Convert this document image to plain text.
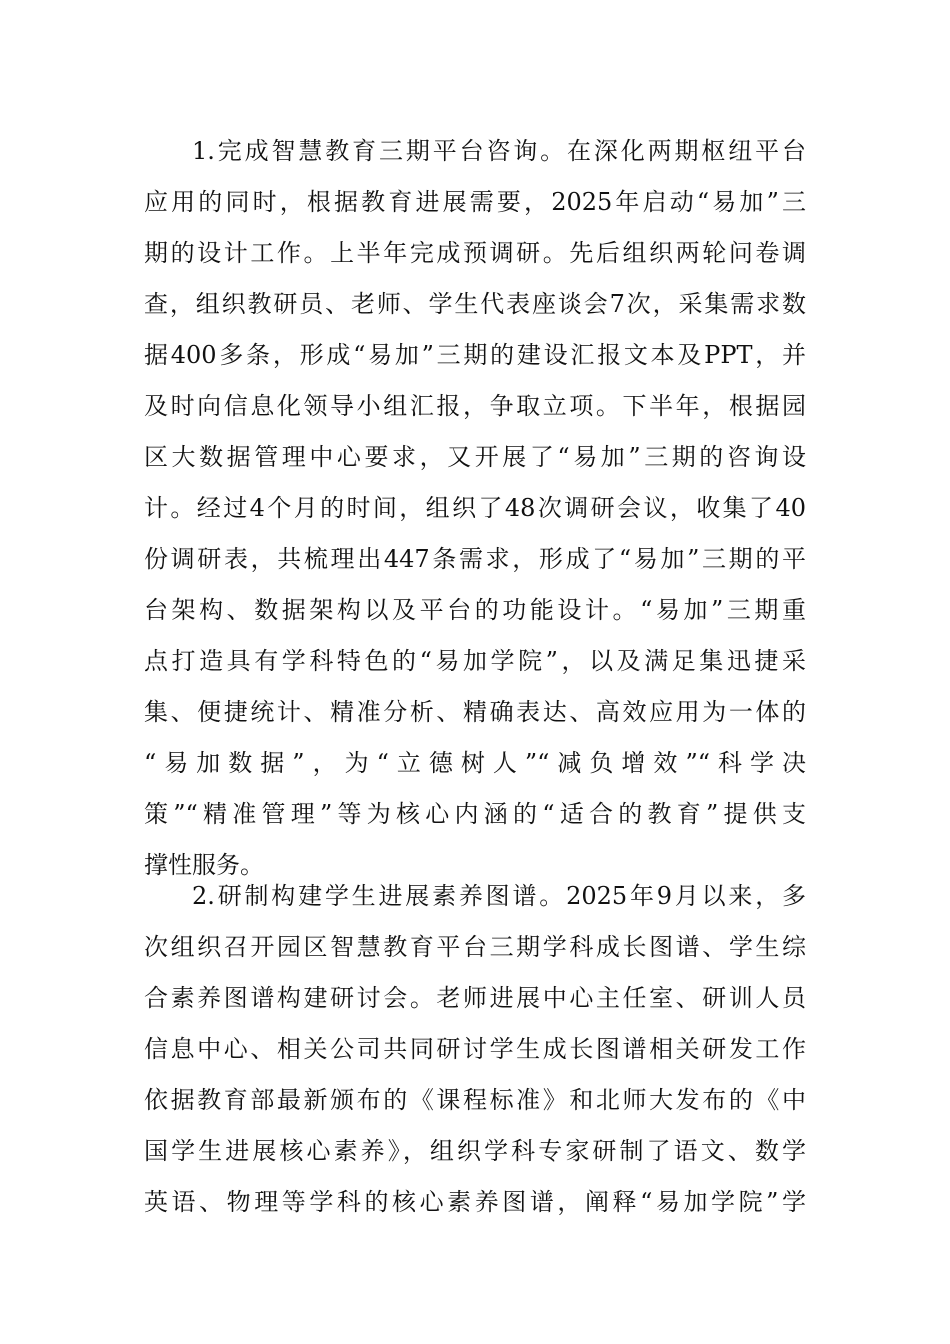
1.完成智慧教育三期平台咨询。在深化两期枢纽平台
应用的同时，根据教育进展需要，2025年启动“易加”三
期的设计工作。上半年完成预调研。先后组织两轮问卷调
查，组织教研员、老师、学生代表座谈会7次，采集需求数
据400多条，形成“易加”三期的建设汇报文本及PPT，并
及时向信息化领导小组汇报，争取立项。下半年，根据园
区大数据管理中心要求，又开展了“易加”三期的咨询设
计。经过4个月的时间，组织了48次调研会议，收集了40
份调研表，共梳理出447条需求，形成了“易加”三期的平
台架构、数据架构以及平台的功能设计。“易加”三期重
点打造具有学科特色的“易加学院”，以及满足集迅捷采
集、便捷统计、精准分析、精确表达、高效应用为一体的
“易加数据”，为“立德树人”“减负增效”“科学决
策”“精准管理”等为核心内涵的“适合的教育”提供支
撑性服务。
2.研制构建学生进展素养图谱。2025年9月以来，多
次组织召开园区智慧教育平台三期学科成长图谱、学生综
合素养图谱构建研讨会。老师进展中心主任室、研训人员
信息中心、相关公司共同研讨学生成长图谱相关研发工作
依据教育部最新颁布的《课程标准》和北师大发布的《中
国学生进展核心素养》，组织学科专家研制了语文、数学
英语、物理等学科的核心素养图谱，阐释“易加学院”学
